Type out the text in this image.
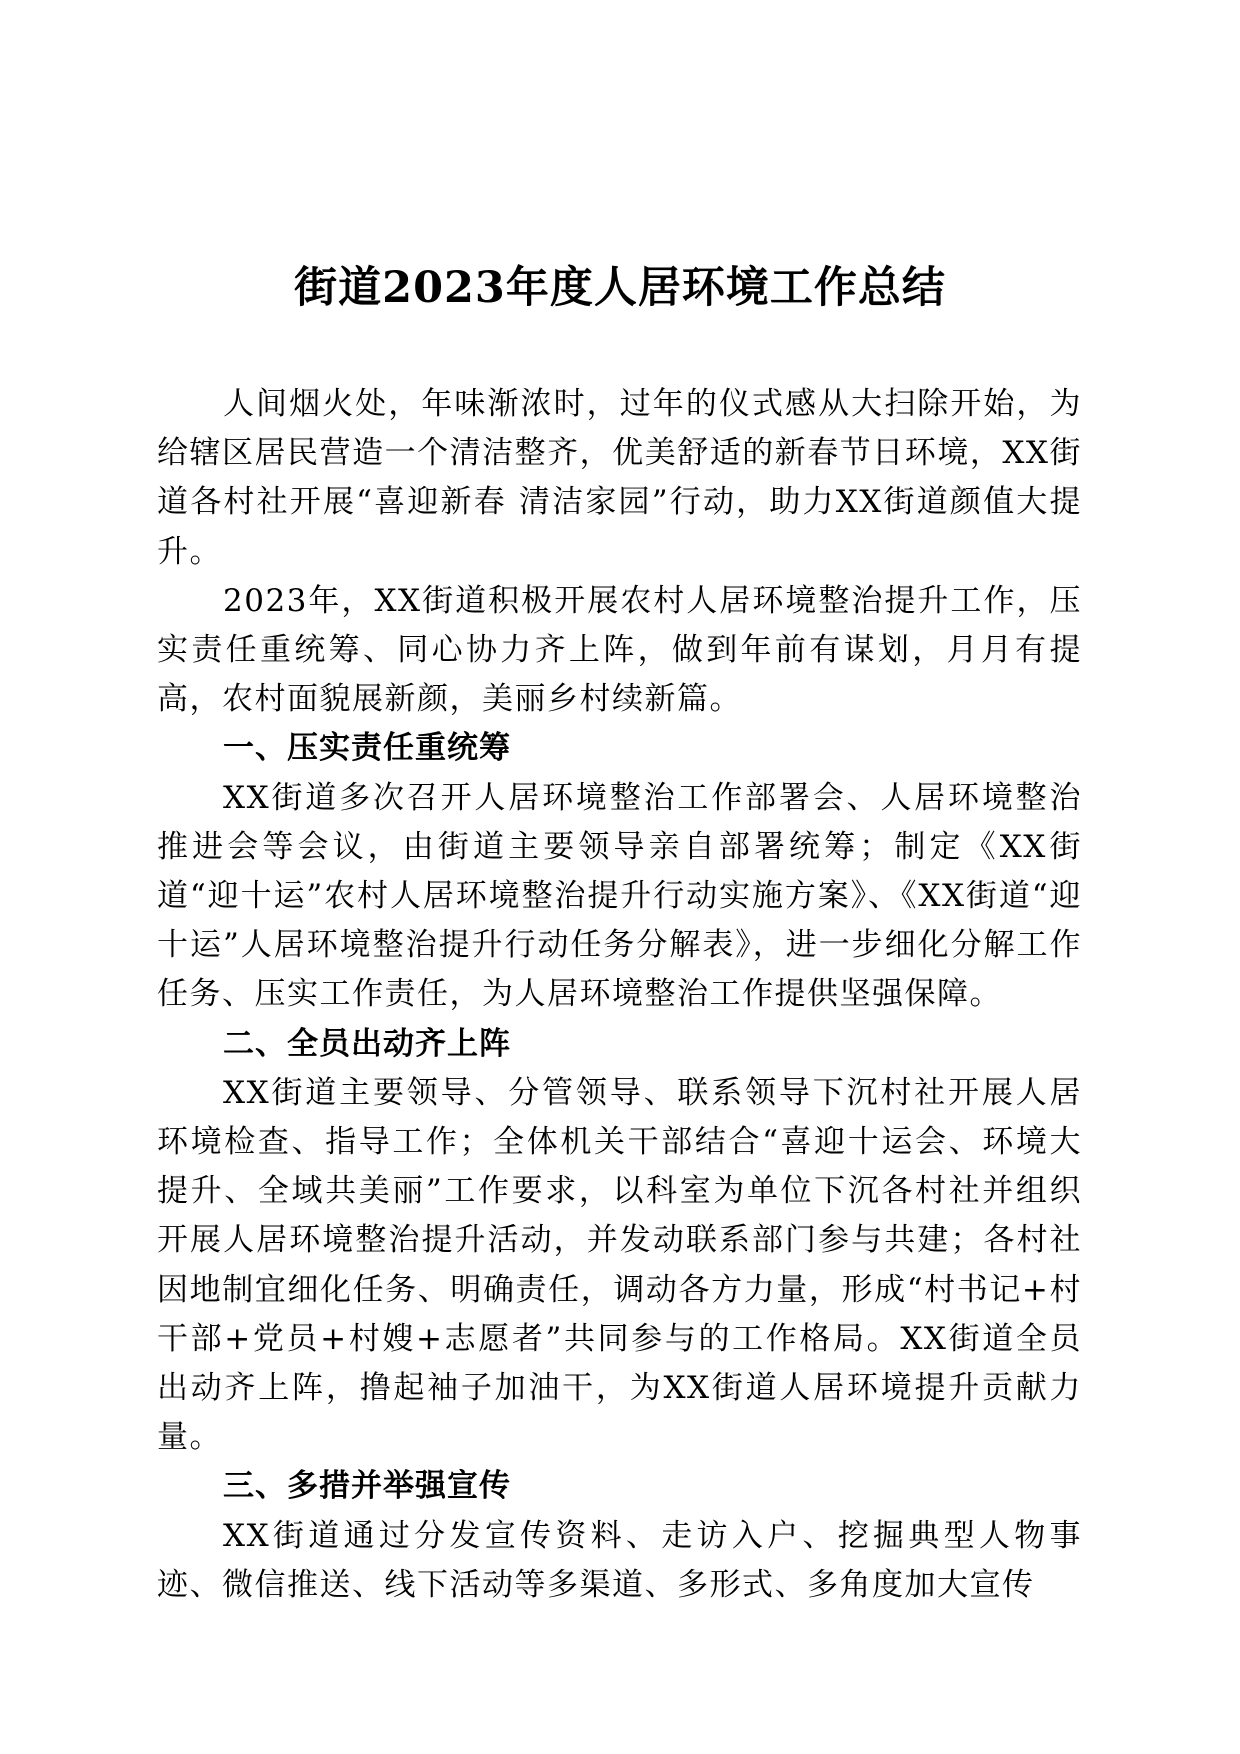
街道2023年度人居环境工作总结

人间烟火处，年味渐浓时，过年的仪式感从大扫除开始，为给辖区居民营造一个清洁整齐，优美舒适的新春节日环境，XX街道各村社开展“喜迎新春 清洁家园”行动，助力XX街道颜值大提升。

2023年，XX街道积极开展农村人居环境整治提升工作，压实责任重统筹、同心协力齐上阵，做到年前有谋划，月月有提高，农村面貌展新颜，美丽乡村续新篇。

一、压实责任重统筹

XX街道多次召开人居环境整治工作部署会、人居环境整治推进会等会议，由街道主要领导亲自部署统筹；制定《XX街道“迎十运”农村人居环境整治提升行动实施方案》、《XX街道“迎十运”人居环境整治提升行动任务分解表》，进一步细化分解工作任务、压实工作责任，为人居环境整治工作提供坚强保障。

二、全员出动齐上阵

XX街道主要领导、分管领导、联系领导下沉村社开展人居环境检查、指导工作；全体机关干部结合“喜迎十运会、环境大提升、全域共美丽”工作要求，以科室为单位下沉各村社并组织开展人居环境整治提升活动，并发动联系部门参与共建；各村社因地制宜细化任务、明确责任，调动各方力量，形成“村书记+村干部+党员+村嫂+志愿者”共同参与的工作格局。XX街道全员出动齐上阵，撸起袖子加油干，为XX街道人居环境提升贡献力量。

三、多措并举强宣传

XX街道通过分发宣传资料、走访入户、挖掘典型人物事迹、微信推送、线下活动等多渠道、多形式、多角度加大宣传
